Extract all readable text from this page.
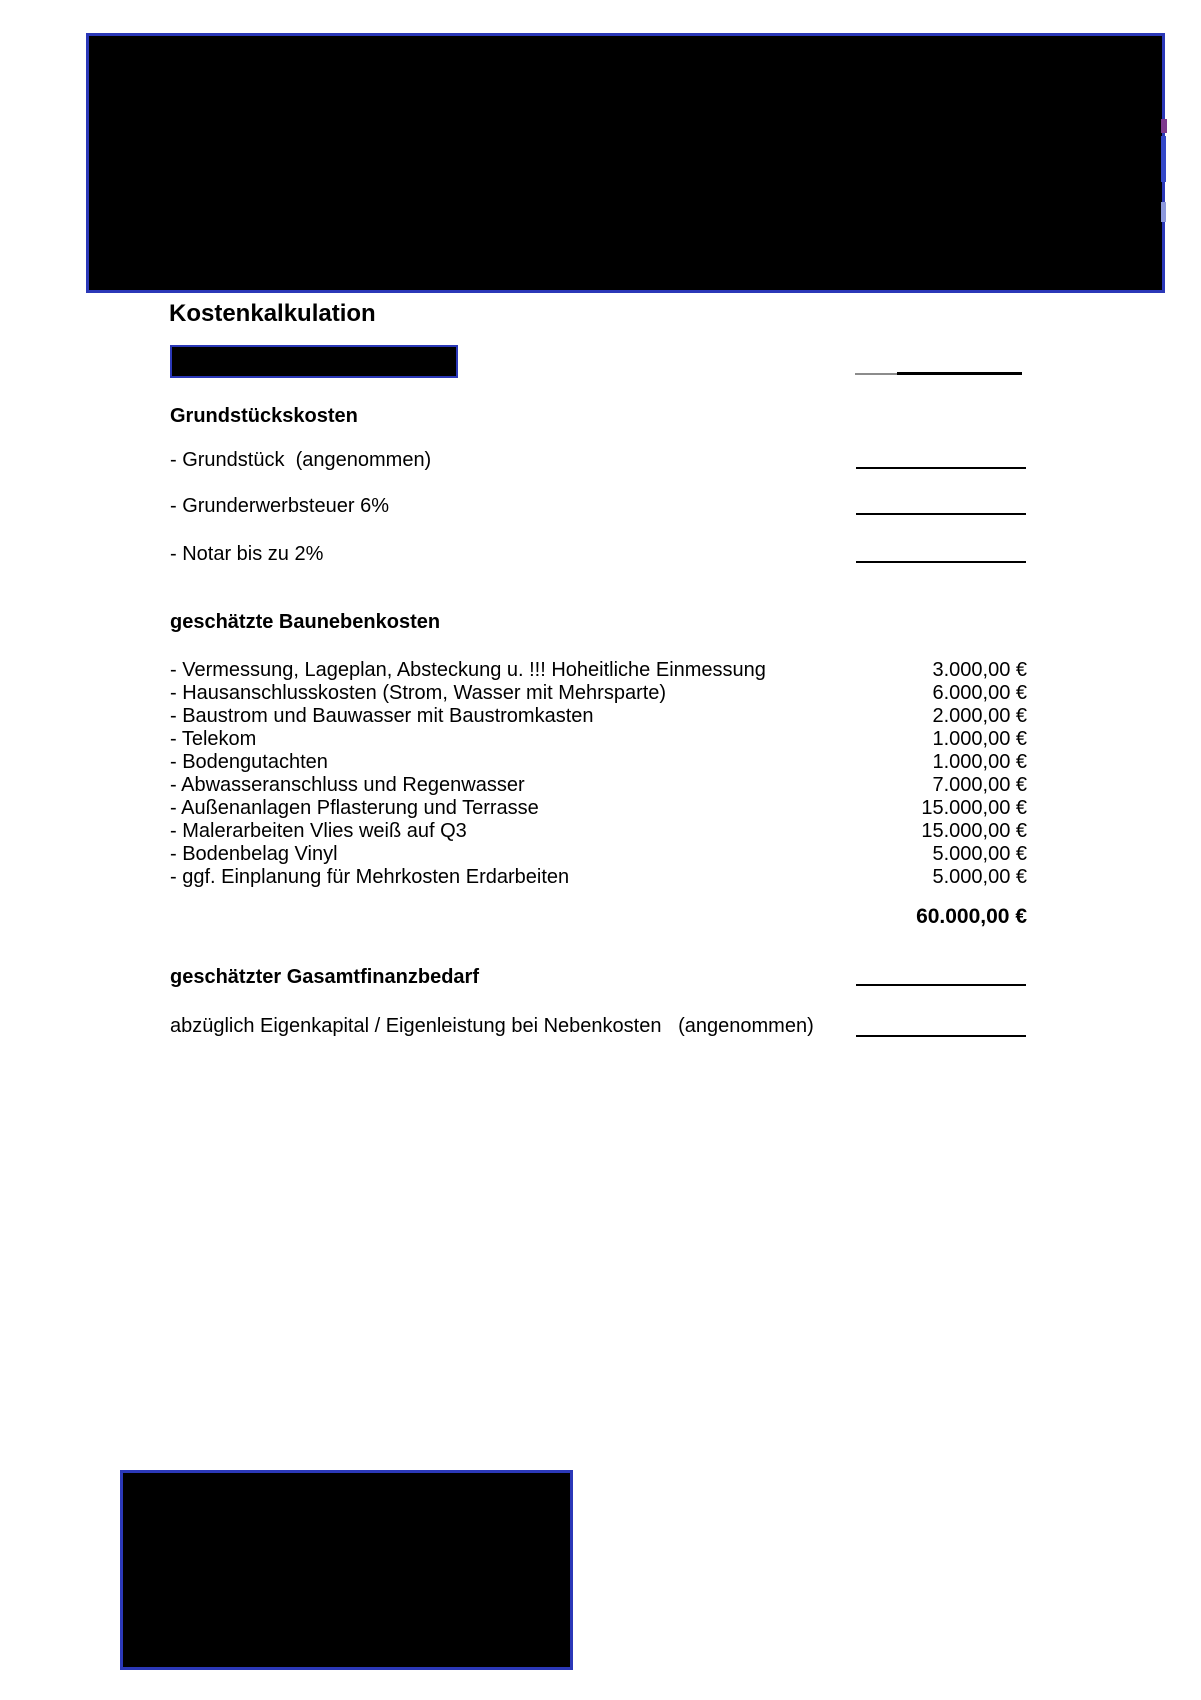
Kostenkalkulation
Grundstückskosten
- Grundstück  (angenommen)
- Grunderwerbsteuer 6%
- Notar bis zu 2%
geschätzte Baunebenkosten
- Vermessung, Lageplan, Absteckung u. !!! Hoheitliche Einmessung	3.000,00 €
- Hausanschlusskosten (Strom, Wasser mit Mehrsparte)	6.000,00 €
- Baustrom und Bauwasser mit Baustromkasten	2.000,00 €
- Telekom	1.000,00 €
- Bodengutachten	1.000,00 €
- Abwasseranschluss und Regenwasser	7.000,00 €
- Außenanlagen Pflasterung und Terrasse	15.000,00 €
- Malerarbeiten Vlies weiß auf Q3	15.000,00 €
- Bodenbelag Vinyl	5.000,00 €
- ggf. Einplanung für Mehrkosten Erdarbeiten	5.000,00 €
60.000,00 €
geschätzter Gasamtfinanzbedarf
abzüglich Eigenkapital / Eigenleistung bei Nebenkosten   (angenommen)
